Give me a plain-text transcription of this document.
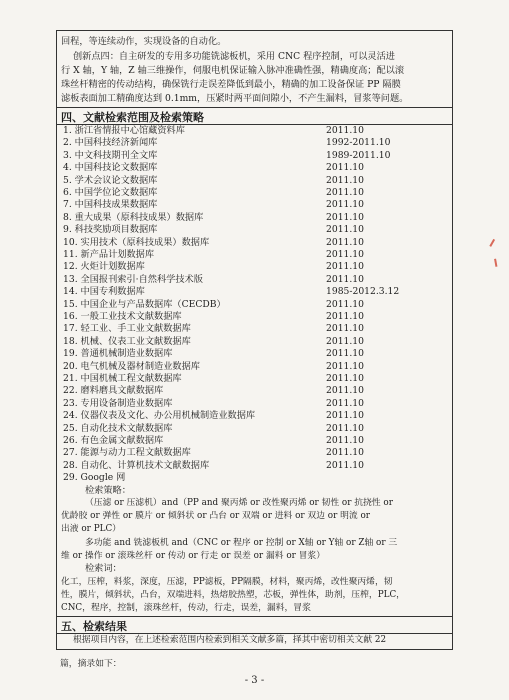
回程，等连续动作，实现设备的自动化。
创新点四：自主研发的专用多功能铣滤板机，采用 CNC 程序控制，可以灵活进
行 X 轴，Y 轴，Z 轴三维操作，伺服电机保证输入脉冲准确性强，精确度高；配以滚
珠丝杆精密的传动结构，确保铣行走误差降低到最小，精确的加工设备保证 PP 隔膜
滤板表面加工精确度达到 0.1mm，压紧时两平面间隙小，不产生漏料，冒浆等问题。
四、文献检索范围及检索策略
1. 浙江省情报中心馆藏资料库	2011.10
2. 中国科技经济新闻库	1992-2011.10
3. 中文科技期刊全文库	1989-2011.10
4. 中国科技论文数据库	2011.10
5. 学术会议论文数据库	2011.10
6. 中国学位论文数据库	2011.10
7. 中国科技成果数据库	2011.10
8. 重大成果（原科技成果）数据库	2011.10
9. 科技奖励项目数据库	2011.10
10. 实用技术（原科技成果）数据库	2011.10
11. 新产品计划数据库	2011.10
12. 火炬计划数据库	2011.10
13. 全国报刊索引·自然科学技术版	2011.10
14. 中国专利数据库	1985-2012.3.12
15. 中国企业与产品数据库（CECDB）	2011.10
16. 一般工业技术文献数据库	2011.10
17. 轻工业、手工业文献数据库	2011.10
18. 机械、仪表工业文献数据库	2011.10
19. 普通机械制造业数据库	2011.10
20. 电气机械及器材制造业数据库	2011.10
21. 中国机械工程文献数据库	2011.10
22. 磨料磨具文献数据库	2011.10
23. 专用设备制造业数据库	2011.10
24. 仪器仪表及文化、办公用机械制造业数据库	2011.10
25. 自动化技术文献数据库	2011.10
26. 有色金属文献数据库	2011.10
27. 能源与动力工程文献数据库	2011.10
28. 自动化、计算机技术文献数据库	2011.10
29. Google 网
检索策略：
（压滤 or 压滤机）and（PP and 聚丙烯 or 改性聚丙烯 or 韧性 or 抗挠性 or
优龄胶 or 弹性 or 膜片 or 倾斜状 or 凸台 or 双端 or 进料 or 双边 or 明流 or
出液 or PLC）
多功能 and 铣滤板机 and（CNC or 程序 or 控制 or X轴 or Y轴 or Z轴 or 三
维 or 操作 or 滚珠丝杆 or 传动 or 行走 or 误差 or 漏料 or 冒浆）
检索词：
化工，压榨，料浆，深度，压滤，PP滤板，PP隔膜，材料，聚丙烯，改性聚丙烯，韧
性，膜片，倾斜状，凸台，双端进料，热熔胶热塑，芯板，弹性体，助剂，压榨，PLC，
CNC，程序，控制，滚珠丝杆，传动，行走，误差，漏料，冒浆
五、检索结果
根据项目内容，在上述检索范围内检索到相关文献多篇，择其中密切相关文献 22
- 3 -
篇，摘录如下：
